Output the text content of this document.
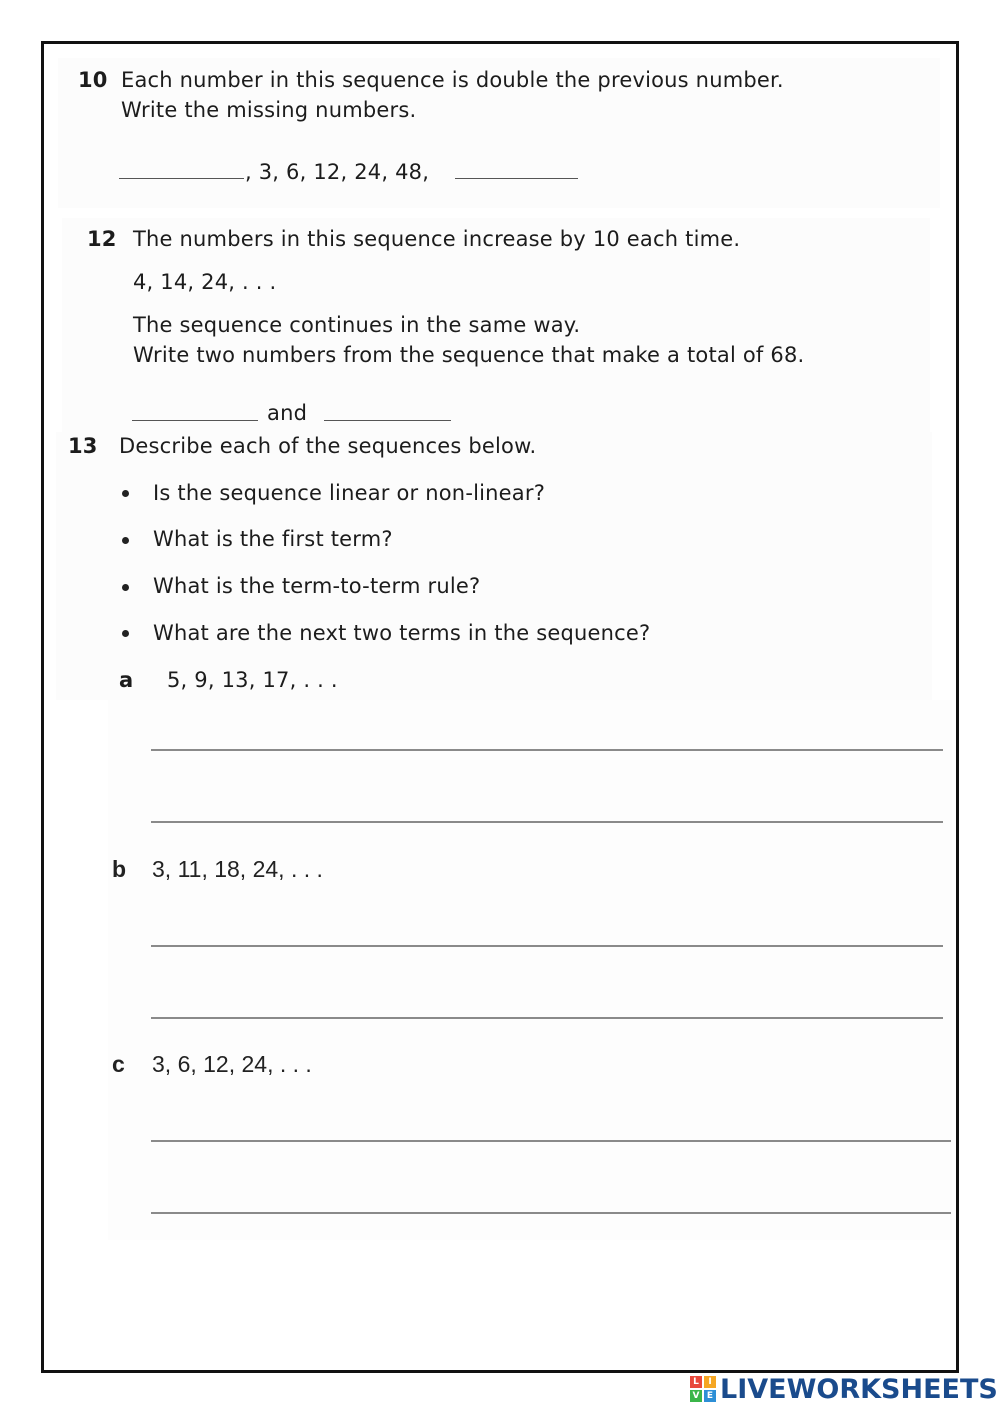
10 Each number in this sequence is double the previous number.
Write the missing numbers.
, 3, 6, 12, 24, 48,
12 The numbers in this sequence increase by 10 each time.
4, 14, 24, . . .
The sequence continues in the same way.
Write two numbers from the sequence that make a total of 68.
and
13 Describe each of the sequences below.
Is the sequence linear or non-linear?
What is the first term?
What is the term-to-term rule?
What are the next two terms in the sequence?
a 5, 9, 13, 17, . . .
b 3, 11, 18, 24, . . .
c 3, 6, 12, 24, . . .
L	I
V E LIVEWORKSHEETS
